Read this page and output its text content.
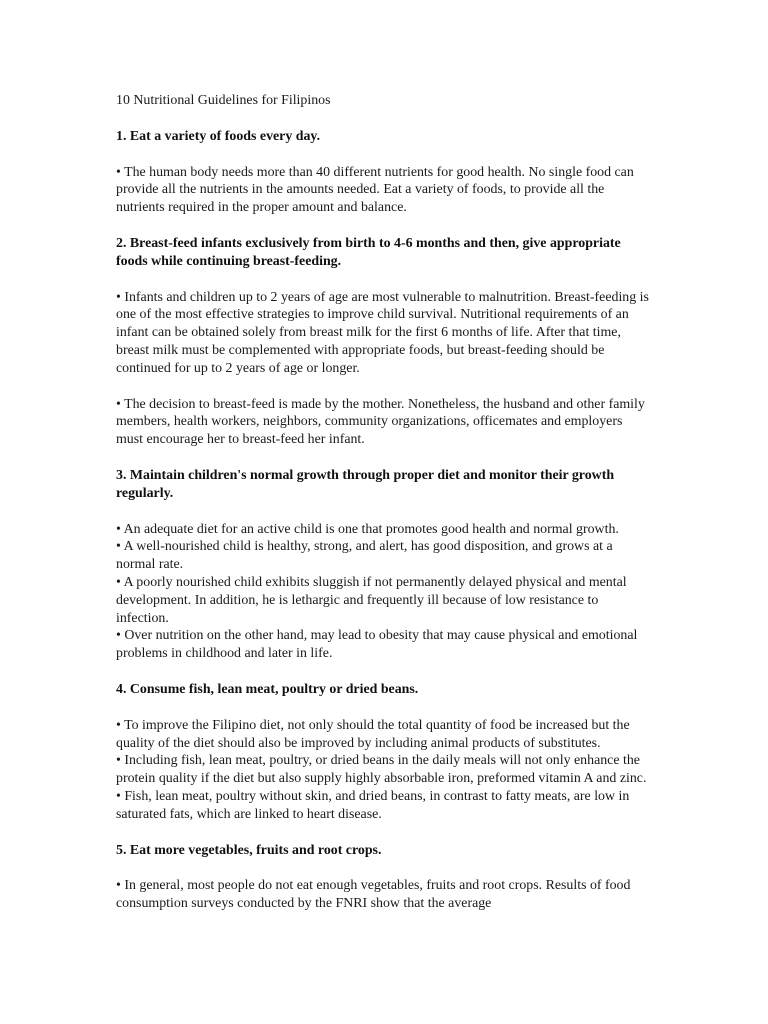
10 Nutritional Guidelines for Filipinos
1. Eat a variety of foods every day.
• The human body needs more than 40 different nutrients for good health. No single food can provide all the nutrients in the amounts needed. Eat a variety of foods, to provide all the nutrients required in the proper amount and balance.
2. Breast-feed infants exclusively from birth to 4-6 months and then, give appropriate foods while continuing breast-feeding.
• Infants and children up to 2 years of age are most vulnerable to malnutrition. Breast-feeding is one of the most effective strategies to improve child survival. Nutritional requirements of an infant can be obtained solely from breast milk for the first 6 months of life. After that time, breast milk must be complemented with appropriate foods, but breast-feeding should be continued for up to 2 years of age or longer.
• The decision to breast-feed is made by the mother. Nonetheless, the husband and other family members, health workers, neighbors, community organizations, officemates and employers must encourage her to breast-feed her infant.
3. Maintain children's normal growth through proper diet and monitor their growth regularly.
• An adequate diet for an active child is one that promotes good health and normal growth.
• A well-nourished child is healthy, strong, and alert, has good disposition, and grows at a normal rate.
• A poorly nourished child exhibits sluggish if not permanently delayed physical and mental development. In addition, he is lethargic and frequently ill because of low resistance to infection.
• Over nutrition on the other hand, may lead to obesity that may cause physical and emotional problems in childhood and later in life.
4. Consume fish, lean meat, poultry or dried beans.
• To improve the Filipino diet, not only should the total quantity of food be increased but the quality of the diet should also be improved by including animal products of substitutes.
• Including fish, lean meat, poultry, or dried beans in the daily meals will not only enhance the protein quality if the diet but also supply highly absorbable iron, preformed vitamin A and zinc.
• Fish, lean meat, poultry without skin, and dried beans, in contrast to fatty meats, are low in saturated fats, which are linked to heart disease.
5. Eat more vegetables, fruits and root crops.
• In general, most people do not eat enough vegetables, fruits and root crops. Results of food consumption surveys conducted by the FNRI show that the average
